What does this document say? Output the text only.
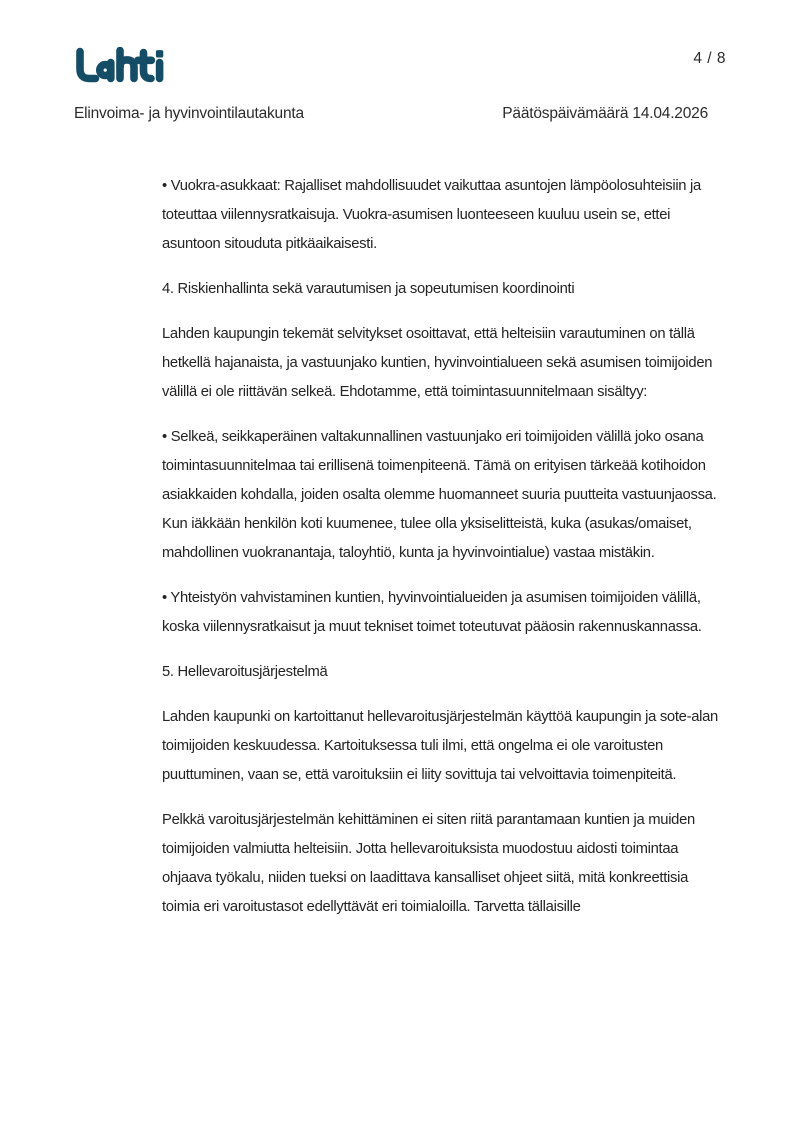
4 / 8
Elinvoima- ja hyvinvointilautakunta	Päätöspäivämäärä 14.04.2026

• Vuokra-asukkaat: Rajalliset mahdollisuudet vaikuttaa asuntojen lämpöolosuhteisiin ja toteuttaa viilennysratkaisuja. Vuokra-asumisen luonteeseen kuuluu usein se, ettei asuntoon sitouduta pitkäaikaisesti.

4. Riskienhallinta sekä varautumisen ja sopeutumisen koordinointi

Lahden kaupungin tekemät selvitykset osoittavat, että helteisiin varautuminen on tällä hetkellä hajanaista, ja vastuunjako kuntien, hyvinvointialueen sekä asumisen toimijoiden välillä ei ole riittävän selkeä. Ehdotamme, että toimintasuunnitelmaan sisältyy:

• Selkeä, seikkaperäinen valtakunnallinen vastuunjako eri toimijoiden välillä joko osana toimintasuunnitelmaa tai erillisenä toimenpiteenä. Tämä on erityisen tärkeää kotihoidon asiakkaiden kohdalla, joiden osalta olemme huomanneet suuria puutteita vastuunjaossa. Kun iäkkään henkilön koti kuumenee, tulee olla yksiselitteistä, kuka (asukas/omaiset, mahdollinen vuokranantaja, taloyhtiö, kunta ja hyvinvointialue) vastaa mistäkin.

• Yhteistyön vahvistaminen kuntien, hyvinvointialueiden ja asumisen toimijoiden välillä, koska viilennysratkaisut ja muut tekniset toimet toteutuvat pääosin rakennuskannassa.

5. Hellevaroitusjärjestelmä

Lahden kaupunki on kartoittanut hellevaroitusjärjestelmän käyttöä kaupungin ja sote-alan toimijoiden keskuudessa. Kartoituksessa tuli ilmi, että ongelma ei ole varoitusten puuttuminen, vaan se, että varoituksiin ei liity sovittuja tai velvoittavia toimenpiteitä.

Pelkkä varoitusjärjestelmän kehittäminen ei siten riitä parantamaan kuntien ja muiden toimijoiden valmiutta helteisiin. Jotta hellevaroituksista muodostuu aidosti toimintaa ohjaava työkalu, niiden tueksi on laadittava kansalliset ohjeet siitä, mitä konkreettisia toimia eri varoitustasot edellyttävät eri toimialoilla. Tarvetta tällaisille
